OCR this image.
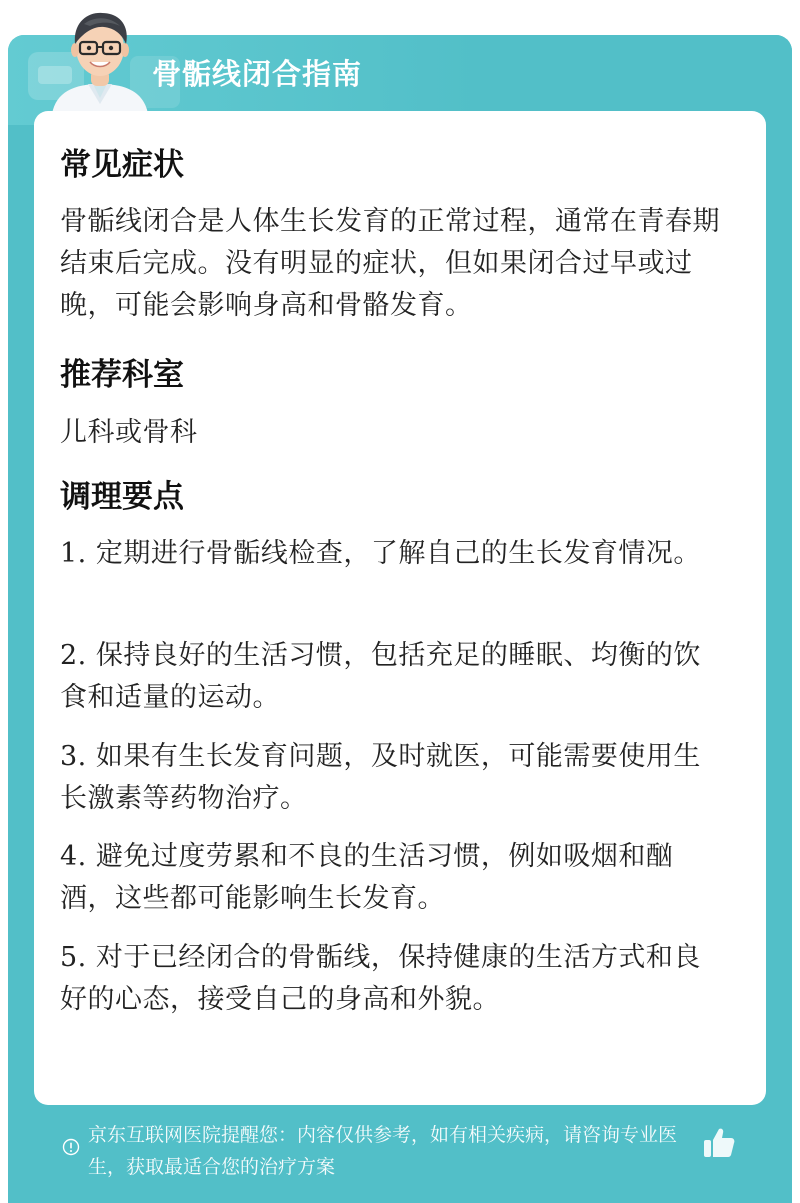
骨骺线闭合指南
常见症状
骨骺线闭合是人体生长发育的正常过程，通常在青春期结束后完成。没有明显的症状，但如果闭合过早或过晚，可能会影响身高和骨骼发育。
推荐科室
儿科或骨科
调理要点
1. 定期进行骨骺线检查，了解自己的生长发育情况。
2. 保持良好的生活习惯，包括充足的睡眠、均衡的饮食和适量的运动。
3. 如果有生长发育问题，及时就医，可能需要使用生长激素等药物治疗。
4. 避免过度劳累和不良的生活习惯，例如吸烟和酗酒，这些都可能影响生长发育。
5. 对于已经闭合的骨骺线，保持健康的生活方式和良好的心态，接受自己的身高和外貌。
京东互联网医院提醒您：内容仅供参考，如有相关疾病，请咨询专业医生，获取最适合您的治疗方案
